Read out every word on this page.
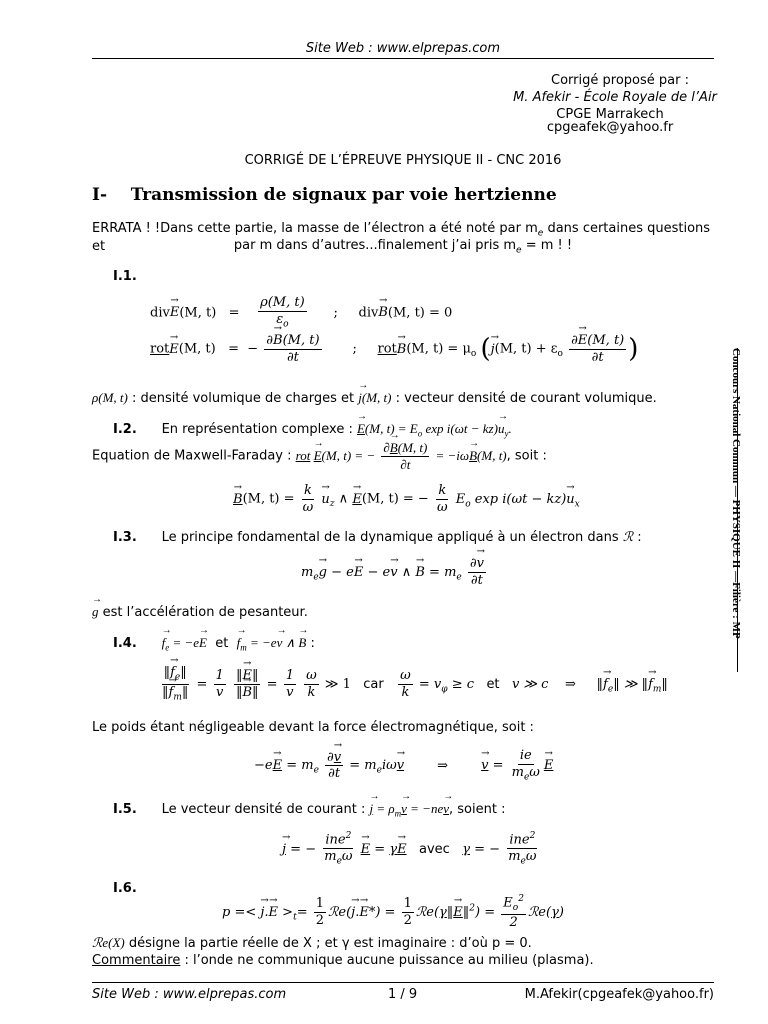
Site Web : www.elprepas.com
Corrigé proposé par :
M. Afekir - École Royale de l’Air
CPGE Marrakech
cpgeafek@yahoo.fr
CORRIGÉ DE L’ÉPREUVE PHYSIQUE II - CNC 2016
I- Transmission de signaux par voie hertzienne
ERRATA ! !Dans cette partie, la masse de l’électron a été noté par $m_e$ dans certaines questions et	par m dans d’autres...finalement j’ai pris $m_e = m$ ! !
I.1.
div→ E(M, $t) = \frac{\rho(M, t)}{\varepsilon_o}$ ;     div→ B(M, t) = 0
rot→ E(M, t)   =  − $\frac{\partial\to B(M, t)}{\partial t}$ ;     rot→ B(M, $t) = \mu_o$ (→ j(M, $t) + \varepsilon_o \frac{\partial\to E(M, t)}{\partial t}$ )
ρ(M, t) : densité volumique de charges et → j(M, t) : vecteur densité de courant volumique.
I.2. En représentation complexe : → E(M, $t) = E_o$ $\exp i(\omega t - kz)\to u_y$.
Equation de Maxwell-Faraday : rot → E(M, t) = − $\frac{\partial\to B(M, t)}{\partial t} = -i\omega\to B(M$, t), soit :
→ B(M, $t) = \frac{k}{\omega} \to u_z$ ∧ → E(M, t) = − $\frac{k}{\omega} E_o$ $\exp i(\omega t - kz)\to u_x$
I.3. Le principe fondamental de la dynamique appliqué à un électron dans ℛ :
$m_e\to g - e\to E - e\to v$ ∧ → $B = m_e \frac{\partial\to v}{\partial t}$
→ g est l’accélération de pesanteur.
I.4. → $f_e = -e\to E$ et → $f_m = -e\to v$ ∧ → B :
$\frac{‖\to f_e‖}{‖\to f_m‖} = \frac{1}{v}$
$\frac{‖\to E‖}{‖\to B‖} = \frac{1}{v}$
$\frac{\omega}{k}$ ≫ 1   car $\frac{\omega}{k} = v_\varphi \ge c$ et v ≫ c    ⇒     ‖→ $f_e‖$ ≫ ‖→ $f_m‖$
Le poids étant négligeable devant la force électromagnétique, soit :
$-e\to E = m_e \frac{\partial\to v}{\partial t} = m_ei\omega\to v$        ⇒        → $v = \frac{ie}{m_e\omega} \to E$
I.5. Le vecteur densité de courant : → $j = \rho_m\to v = -ne\to v$, soient :
→ j = − $\frac{ine^2}{m_e\omega} \to E = \gamma\to E$ avec γ = − $\frac{ine^2}{m_e\omega}$
I.6.
p =< → $j.\to E >_t= \frac{1}{2}$ ℛe(→ $j.\to E*) = \frac{1}{2}$ ℛe(γ‖→ E‖$^2$) = $\frac{E_o^2}{2}$ ℛe(γ)
ℛe(X) désigne la partie réelle de X ; et γ est imaginaire : d’où p = 0.
Commentaire : l’onde ne communique aucune puissance au milieu (plasma).
Site Web : www.elprepas.com	1 / 9	M.Afekir(cpgeafek@yahoo.fr)
Concours National Commun — PHYSIQUE II —Filière : MP
